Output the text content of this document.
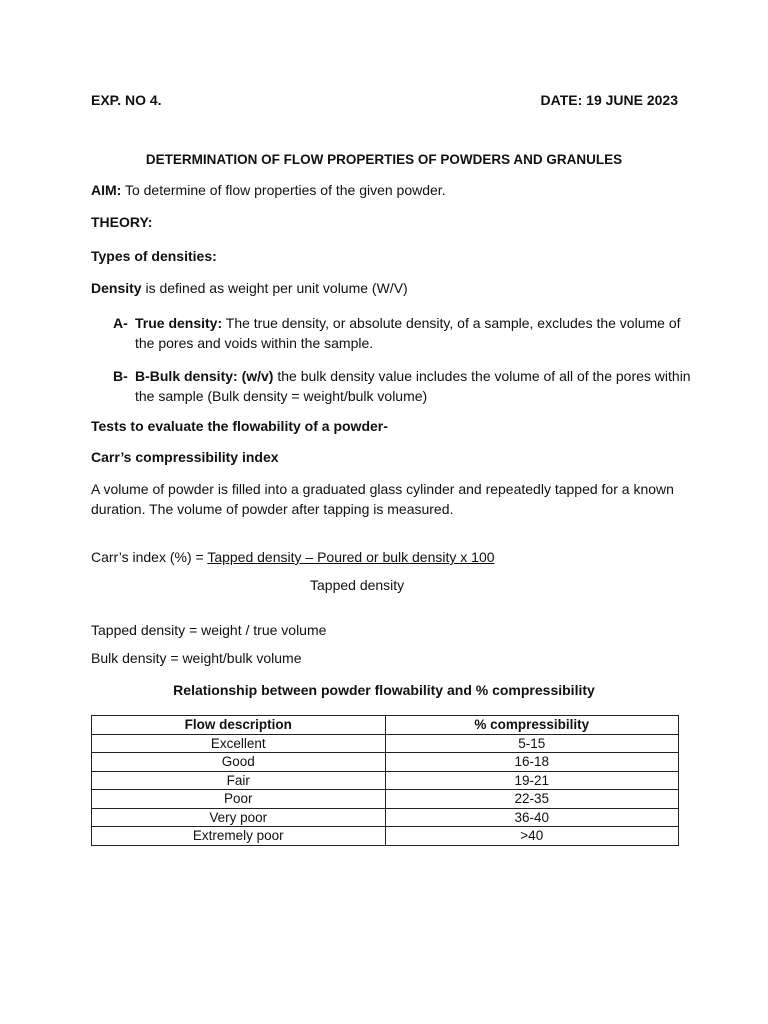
EXP. NO 4.	DATE: 19 JUNE 2023
DETERMINATION OF FLOW PROPERTIES OF POWDERS AND GRANULES
AIM: To determine of flow properties of the given powder.
THEORY:
Types of densities:
Density is defined as weight per unit volume (W/V)
A- True density: The true density, or absolute density, of a sample, excludes the volume of the pores and voids within the sample.
B- B-Bulk density: (w/v) the bulk density value includes the volume of all of the pores within the sample (Bulk density = weight/bulk volume)
Tests to evaluate the flowability of a powder-
Carr’s compressibility index
A volume of powder is filled into a graduated glass cylinder and repeatedly tapped for a known duration. The volume of powder after tapping is measured.
Carr’s index (%) = Tapped density – Poured or bulk density x 100
Tapped density
Tapped density = weight / true volume
Bulk density = weight/bulk volume
Relationship between powder flowability and % compressibility
Flow description	% compressibility
Excellent	5-15
Good	16-18
Fair	19-21
Poor	22-35
Very poor	36-40
Extremely poor	>40
